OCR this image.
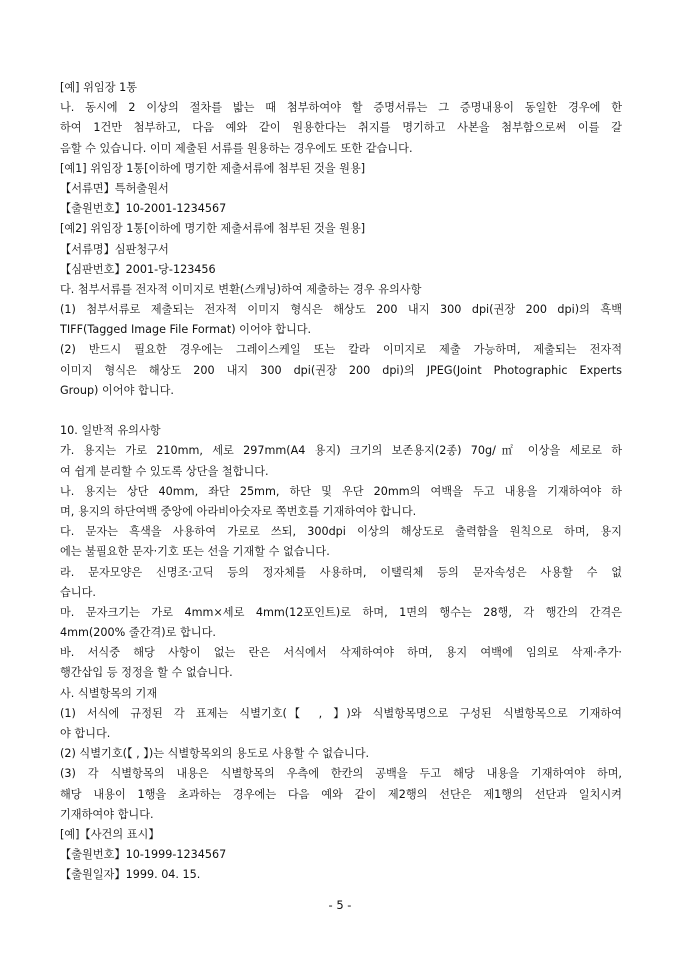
[예] 위임장 1통
나. 동시에 2 이상의 절차를 밟는 때 첨부하여야 할 증명서류는 그 증명내용이 동일한 경우에 한
하여 1건만 첨부하고, 다음 예와 같이 원용한다는 취지를 명기하고 사본을 첨부함으로써 이를 갈
음할 수 있습니다. 이미 제출된 서류를 원용하는 경우에도 또한 같습니다.
[예1] 위임장 1통[이하에 명기한 제출서류에 첨부된 것을 원용]
【서류면】특허출원서
【출원번호】10-2001-1234567
[예2] 위임장 1통[이하에 명기한 제출서류에 첨부된 것을 원용]
【서류명】심판청구서
【심판번호】2001-당-123456
다. 첨부서류를 전자적 이미지로 변환(스캐닝)하여 제출하는 경우 유의사항
(1) 첨부서류로 제출되는 전자적 이미지 형식은 해상도 200 내지 300 dpi(권장 200 dpi)의 흑백
TIFF(Tagged Image File Format) 이어야 합니다.
(2) 반드시 필요한 경우에는 그레이스케일 또는 칼라 이미지로 제출 가능하며, 제출되는 전자적
이미지 형식은 해상도 200 내지 300 dpi(권장 200 dpi)의 JPEG(Joint Photographic Experts
Group) 이어야 합니다.
10. 일반적 유의사항
가. 용지는 가로 210mm, 세로 297mm(A4 용지) 크기의 보존용지(2종) 70g/㎡ 이상을 세로로 하
여 쉽게 분리할 수 있도록 상단을 철합니다.
나. 용지는 상단 40mm, 좌단 25mm, 하단 및 우단 20mm의 여백을 두고 내용을 기재하여야 하
며, 용지의 하단여백 중앙에 아라비아숫자로 쪽번호를 기재하여야 합니다.
다. 문자는 흑색을 사용하여 가로로 쓰되, 300dpi 이상의 해상도로 출력함을 원칙으로 하며, 용지
에는 불필요한 문자·기호 또는 선을 기재할 수 없습니다.
라. 문자모양은 신명조·고딕 등의 정자체를 사용하며, 이탤릭체 등의 문자속성은 사용할 수 없
습니다.
마. 문자크기는 가로 4mm×세로 4mm(12포인트)로 하며, 1면의 행수는 28행, 각 행간의 간격은
4mm(200% 줄간격)로 합니다.
바. 서식중 해당 사항이 없는 란은 서식에서 삭제하여야 하며, 용지 여백에 임의로 삭제·추가·
행간삽입 등 정정을 할 수 없습니다.
사. 식별항목의 기재
(1) 서식에 규정된 각 표제는 식별기호(【 , 】)와 식별항목명으로 구성된 식별항목으로 기재하여
야 합니다.
(2) 식별기호(【 , 】)는 식별항목외의 용도로 사용할 수 없습니다.
(3) 각 식별항목의 내용은 식별항목의 우측에 한칸의 공백을 두고 해당 내용을 기재하여야 하며,
해당 내용이 1행을 초과하는 경우에는 다음 예와 같이 제2행의 선단은 제1행의 선단과 일치시켜
기재하여야 합니다.
[예]【사건의 표시】
【출원번호】10-1999-1234567
【출원일자】1999. 04. 15.
- 5 -
